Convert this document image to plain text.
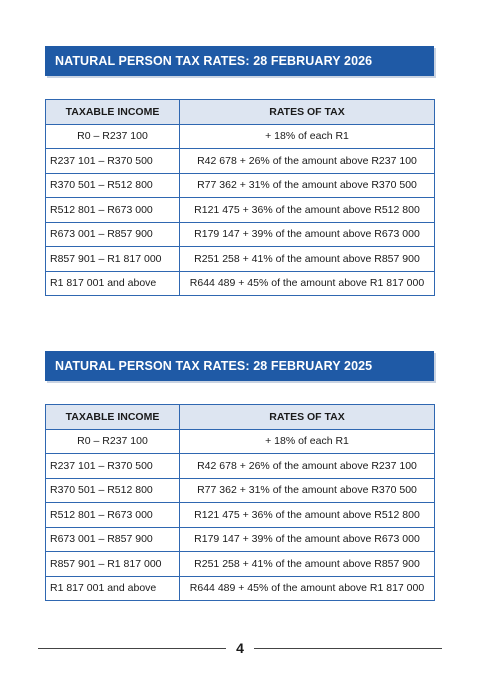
NATURAL PERSON TAX RATES: 28 FEBRUARY 2026
TAXABLE INCOME	RATES OF TAX
R0 – R237 100	+ 18% of each R1
R237 101 – R370 500	R42 678 + 26% of the amount above R237 100
R370 501 – R512 800	R77 362 + 31% of the amount above R370 500
R512 801 – R673 000	R121 475 + 36% of the amount above R512 800
R673 001 – R857 900	R179 147 + 39% of the amount above R673 000
R857 901 – R1 817 000	R251 258 + 41% of the amount above R857 900
R1 817 001 and above	R644 489 + 45% of the amount above R1 817 000
NATURAL PERSON TAX RATES: 28 FEBRUARY 2025
TAXABLE INCOME	RATES OF TAX
R0 – R237 100	+ 18% of each R1
R237 101 – R370 500	R42 678 + 26% of the amount above R237 100
R370 501 – R512 800	R77 362 + 31% of the amount above R370 500
R512 801 – R673 000	R121 475 + 36% of the amount above R512 800
R673 001 – R857 900	R179 147 + 39% of the amount above R673 000
R857 901 – R1 817 000	R251 258 + 41% of the amount above R857 900
R1 817 001 and above	R644 489 + 45% of the amount above R1 817 000
4
